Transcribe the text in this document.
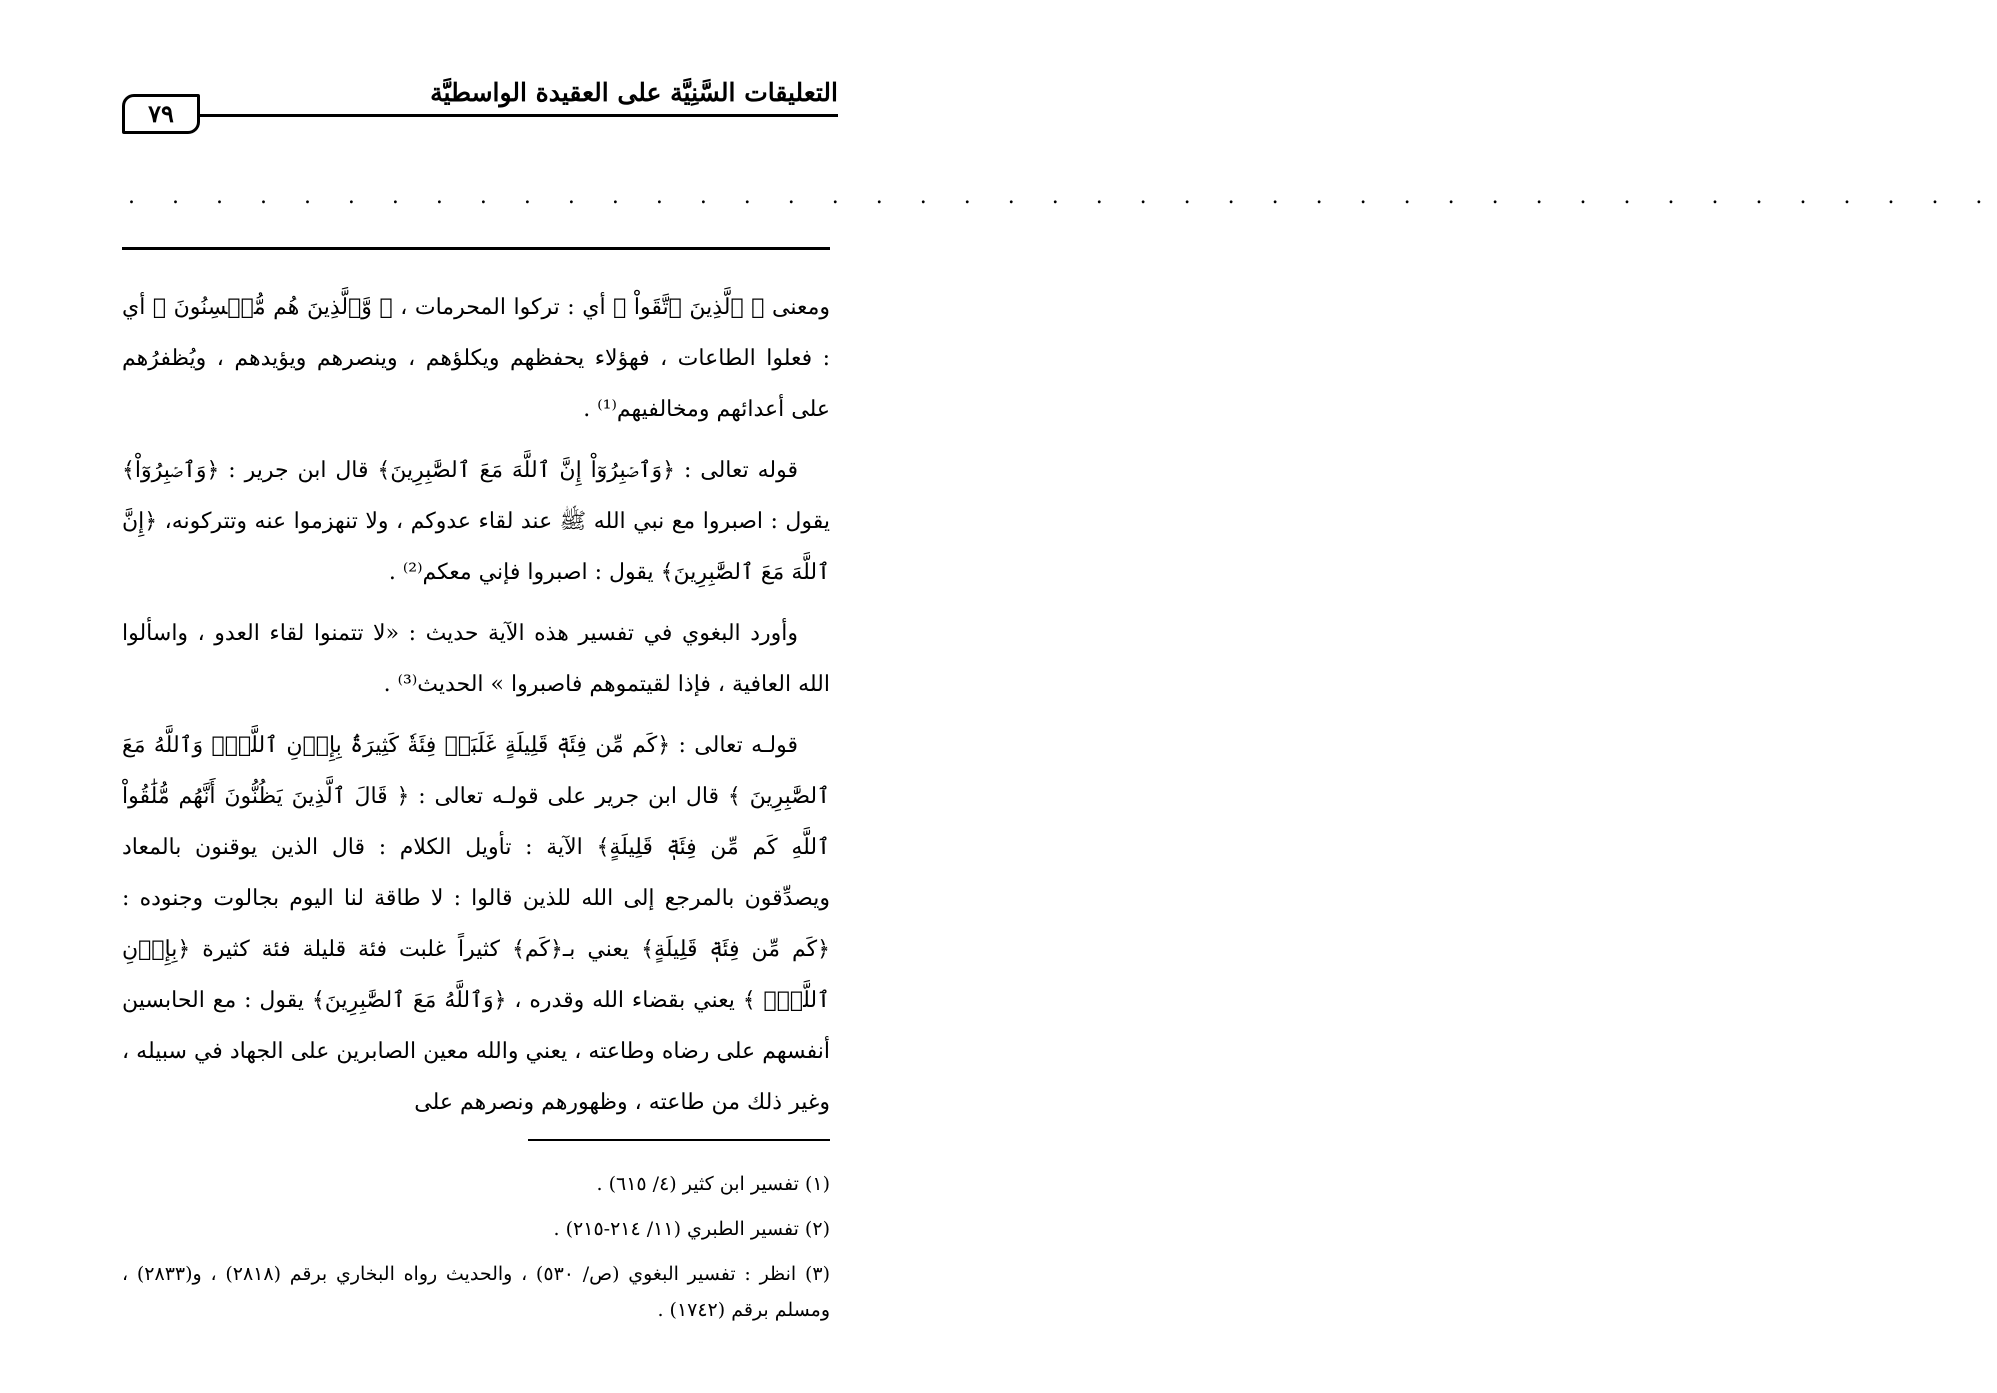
التعليقات السَّنِيَّة على العقيدة الواسطيَّة
٧٩
. . . . . . . . . . . . . . . . . . . . . . . . . . . . . . . . . . . . . . . . . . .

ومعنى ﴿ ٱلَّذِينَ ٱتَّقَواْ ﴾ أي : تركوا المحرمات ، ﴿ وَّٱلَّذِينَ هُم مُّحۡسِنُونَ ﴾ أي : فعلوا الطاعات ، فهؤلاء يحفظهم ويكلؤهم ، وينصرهم ويؤيدهم ، ويُظفرُهم على أعدائهم ومخالفيهم⁽¹⁾ .

قوله تعالى : ﴿وَٱصۡبِرُوٓاْ إِنَّ ٱللَّهَ مَعَ ٱلصَّٰبِرِينَ﴾ قال ابن جرير : ﴿وَٱصۡبِرُوٓاْ﴾ يقول : اصبروا مع نبي الله ﷺ عند لقاء عدوكم ، ولا تنهزموا عنه وتتركونه، ﴿إِنَّ ٱللَّهَ مَعَ ٱلصَّٰبِرِينَ﴾ يقول : اصبروا فإني معكم⁽²⁾ .

وأورد البغوي في تفسير هذه الآية حديث : «لا تتمنوا لقاء العدو ، واسألوا الله العافية ، فإذا لقيتموهم فاصبروا » الحديث⁽³⁾ .

قولـه تعالى : ﴿كَم مِّن فِئَةٖ قَلِيلَةٍ غَلَبَتۡ فِئَةٗ كَثِيرَةَۢ بِإِذۡنِ ٱللَّهِۗ وَٱللَّهُ مَعَ ٱلصَّٰبِرِينَ ﴾ قال ابن جرير على قولـه تعالى : ﴿ قَالَ ٱلَّذِينَ يَظُنُّونَ أَنَّهُم مُّلَٰقُواْ ٱللَّهِ كَم مِّن فِئَةٖ قَلِيلَةٍ﴾ الآية : تأويل الكلام : قال الذين يوقنون بالمعاد ويصدِّقون بالمرجع إلى الله للذين قالوا : لا طاقة لنا اليوم بجالوت وجنوده : ﴿كَم مِّن فِئَةٖ قَلِيلَةٍ﴾ يعني بـ﴿كَم﴾ كثيراً غلبت فئة قليلة فئة كثيرة ﴿بِإِذۡنِ ٱللَّهِۗ ﴾ يعني بقضاء الله وقدره ، ﴿وَٱللَّهُ مَعَ ٱلصَّٰبِرِينَ﴾ يقول : مع الحابسين أنفسهم على رضاه وطاعته ، يعني والله معين الصابرين على الجهاد في سبيله ، وغير ذلك من طاعته ، وظهورهم ونصرهم على

(١) تفسير ابن كثير (٤/ ٦١٥) .

(٢) تفسير الطبري (١١/ ٢١٤-٢١٥) .

(٣) انظر : تفسير البغوي (ص/ ٥٣٠) ، والحديث رواه البخاري برقم (٢٨١٨) ، و(٢٨٣٣) ، ومسلم برقم (١٧٤٢) .
